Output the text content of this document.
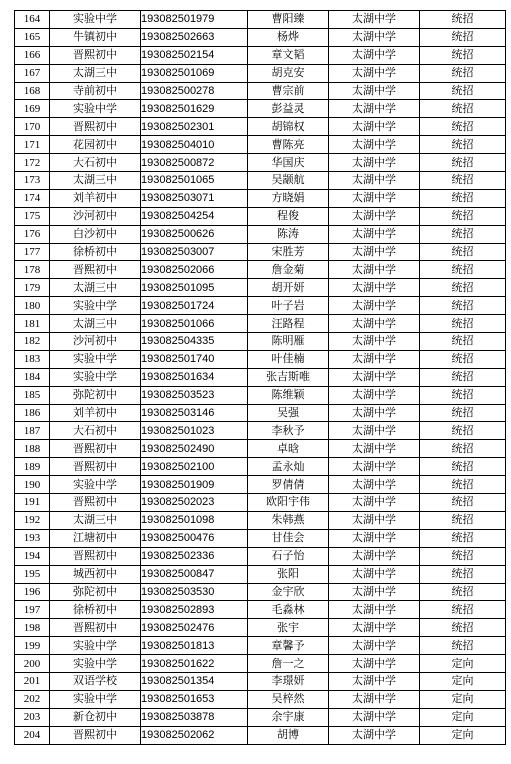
164	实验中学	193082501979	曹阳臻	太湖中学	统招
165	牛镇初中	193082502663	杨烨	太湖中学	统招
166	晋熙初中	193082502154	章文韬	太湖中学	统招
167	太湖三中	193082501069	胡克安	太湖中学	统招
168	寺前初中	193082500278	曹宗前	太湖中学	统招
169	实验中学	193082501629	彭益灵	太湖中学	统招
170	晋熙初中	193082502301	胡锦权	太湖中学	统招
171	花园初中	193082504010	曹陈亮	太湖中学	统招
172	大石初中	193082500872	华国庆	太湖中学	统招
173	太湖三中	193082501065	吴颛航	太湖中学	统招
174	刘羊初中	193082503071	方晓娟	太湖中学	统招
175	沙河初中	193082504254	程俊	太湖中学	统招
176	白沙初中	193082500626	陈涛	太湖中学	统招
177	徐桥初中	193082503007	宋胜芳	太湖中学	统招
178	晋熙初中	193082502066	詹金菊	太湖中学	统招
179	太湖三中	193082501095	胡开妍	太湖中学	统招
180	实验中学	193082501724	叶子岩	太湖中学	统招
181	太湖三中	193082501066	汪路程	太湖中学	统招
182	沙河初中	193082504335	陈明雁	太湖中学	统招
183	实验中学	193082501740	叶佳楠	太湖中学	统招
184	实验中学	193082501634	张吉斯唯	太湖中学	统招
185	弥陀初中	193082503523	陈维颖	太湖中学	统招
186	刘羊初中	193082503146	吴强	太湖中学	统招
187	大石初中	193082501023	李秋予	太湖中学	统招
188	晋熙初中	193082502490	卓晗	太湖中学	统招
189	晋熙初中	193082502100	孟永灿	太湖中学	统招
190	实验中学	193082501909	罗倩倩	太湖中学	统招
191	晋熙初中	193082502023	欧阳宇伟	太湖中学	统招
192	太湖三中	193082501098	朱韩燕	太湖中学	统招
193	江塘初中	193082500476	甘佳会	太湖中学	统招
194	晋熙初中	193082502336	石子怡	太湖中学	统招
195	城西初中	193082500847	张阳	太湖中学	统招
196	弥陀初中	193082503530	金宇欣	太湖中学	统招
197	徐桥初中	193082502893	毛淼林	太湖中学	统招
198	晋熙初中	193082502476	张宇	太湖中学	统招
199	实验中学	193082501813	章馨予	太湖中学	统招
200	实验中学	193082501622	詹一之	太湖中学	定向
201	双语学校	193082501354	李璟妍	太湖中学	定向
202	实验中学	193082501653	吴梓然	太湖中学	定向
203	新仓初中	193082503878	余宇康	太湖中学	定向
204	晋熙初中	193082502062	胡博	太湖中学	定向
